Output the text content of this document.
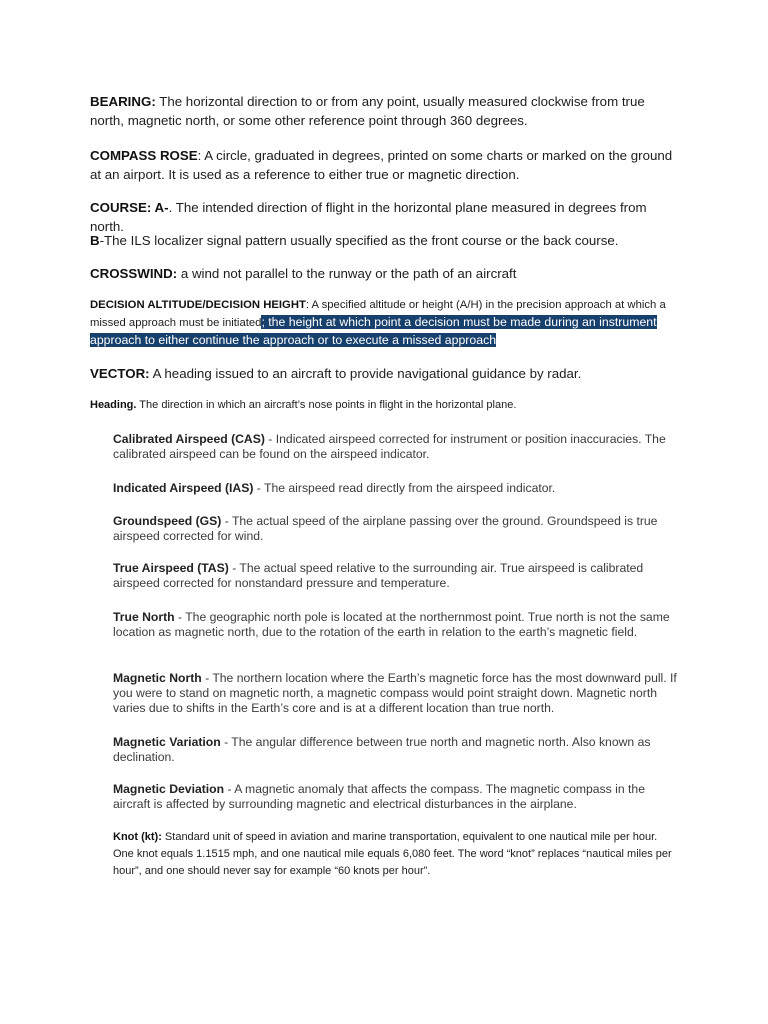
BEARING: The horizontal direction to or from any point, usually measured clockwise from true north, magnetic north, or some other reference point through 360 degrees.

COMPASS ROSE: A circle, graduated in degrees, printed on some charts or marked on the ground at an airport. It is used as a reference to either true or magnetic direction.

COURSE: A-. The intended direction of flight in the horizontal plane measured in degrees from north.

B-The ILS localizer signal pattern usually specified as the front course or the back course.

CROSSWIND: a wind not parallel to the runway or the path of an aircraft

DECISION ALTITUDE/DECISION HEIGHT: A specified altitude or height (A/H) in the precision approach at which a missed approach must be initiated; the height at which point a decision must be made during an instrument approach to either continue the approach or to execute a missed approach

VECTOR: A heading issued to an aircraft to provide navigational guidance by radar.

Heading. The direction in which an aircraft’s nose points in flight in the horizontal plane.

Calibrated Airspeed (CAS) - Indicated airspeed corrected for instrument or position inaccuracies. The calibrated airspeed can be found on the airspeed indicator.

Indicated Airspeed (IAS) - The airspeed read directly from the airspeed indicator.

Groundspeed (GS) - The actual speed of the airplane passing over the ground. Groundspeed is true airspeed corrected for wind.

True Airspeed (TAS) - The actual speed relative to the surrounding air. True airspeed is calibrated airspeed corrected for nonstandard pressure and temperature.

True North - The geographic north pole is located at the northernmost point. True north is not the same location as magnetic north, due to the rotation of the earth in relation to the earth’s magnetic field.

Magnetic North - The northern location where the Earth’s magnetic force has the most downward pull. If you were to stand on magnetic north, a magnetic compass would point straight down. Magnetic north varies due to shifts in the Earth’s core and is at a different location than true north.

Magnetic Variation - The angular difference between true north and magnetic north. Also known as declination.

Magnetic Deviation - A magnetic anomaly that affects the compass. The magnetic compass in the aircraft is affected by surrounding magnetic and electrical disturbances in the airplane.

Knot (kt): Standard unit of speed in aviation and marine transportation, equivalent to one nautical mile per hour. One knot equals 1.1515 mph, and one nautical mile equals 6,080 feet. The word “knot” replaces “nautical miles per hour”, and one should never say for example “60 knots per hour”.
